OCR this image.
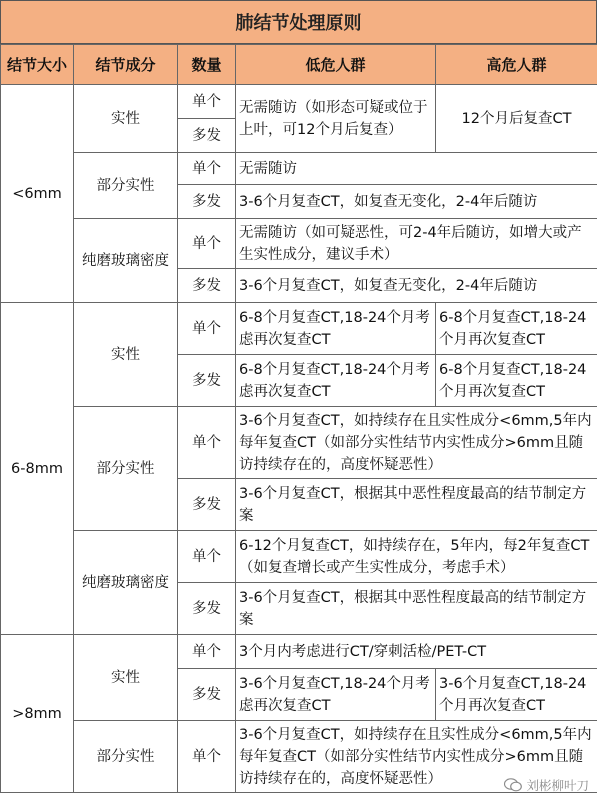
肺结节处理原则
结节大小	结节成分	数量	低危人群	高危人群
<6mm	实性	单个	无需随访（如形态可疑或位于上叶，可12个月后复查）	12个月后复查CT
		多发		
	部分实性	单个	无需随访	
		多发	3-6个月复查CT，如复查无变化，2-4年后随访	
	纯磨玻璃密度	单个	无需随访（如可疑恶性，可2-4年后随访，如增大或产生实性成分，建议手术）	
		多发	3-6个月复查CT，如复查无变化，2-4年后随访	
6-8mm	实性	单个	6-8个月复查CT,18-24个月考虑再次复查CT	6-8个月复查CT,18-24个月再次复查CT
		多发	6-8个月复查CT,18-24个月考虑再次复查CT	6-8个月复查CT,18-24个月再次复查CT
	部分实性	单个	3-6个月复查CT，如持续存在且实性成分<6mm,5年内每年复查CT（如部分实性结节内实性成分>6mm且随访持续存在的，高度怀疑恶性）	
		多发	3-6个月复查CT，根据其中恶性程度最高的结节制定方案	
	纯磨玻璃密度	单个	6-12个月复查CT，如持续存在，5年内，每2年复查CT（如复查增长或产生实性成分，考虑手术）	
		多发	3-6个月复查CT，根据其中恶性程度最高的结节制定方案	
>8mm	实性	单个	3个月内考虑进行CT/穿刺活检/PET-CT	
		多发	3-6个月复查CT,18-24个月考虑再次复查CT	3-6个月复查CT,18-24个月再次复查CT
	部分实性	单个	3-6个月复查CT，如持续存在且实性成分<6mm,5年内每年复查CT（如部分实性结节内实性成分>6mm且随访持续存在的，高度怀疑恶性）		刘彬柳叶刀
